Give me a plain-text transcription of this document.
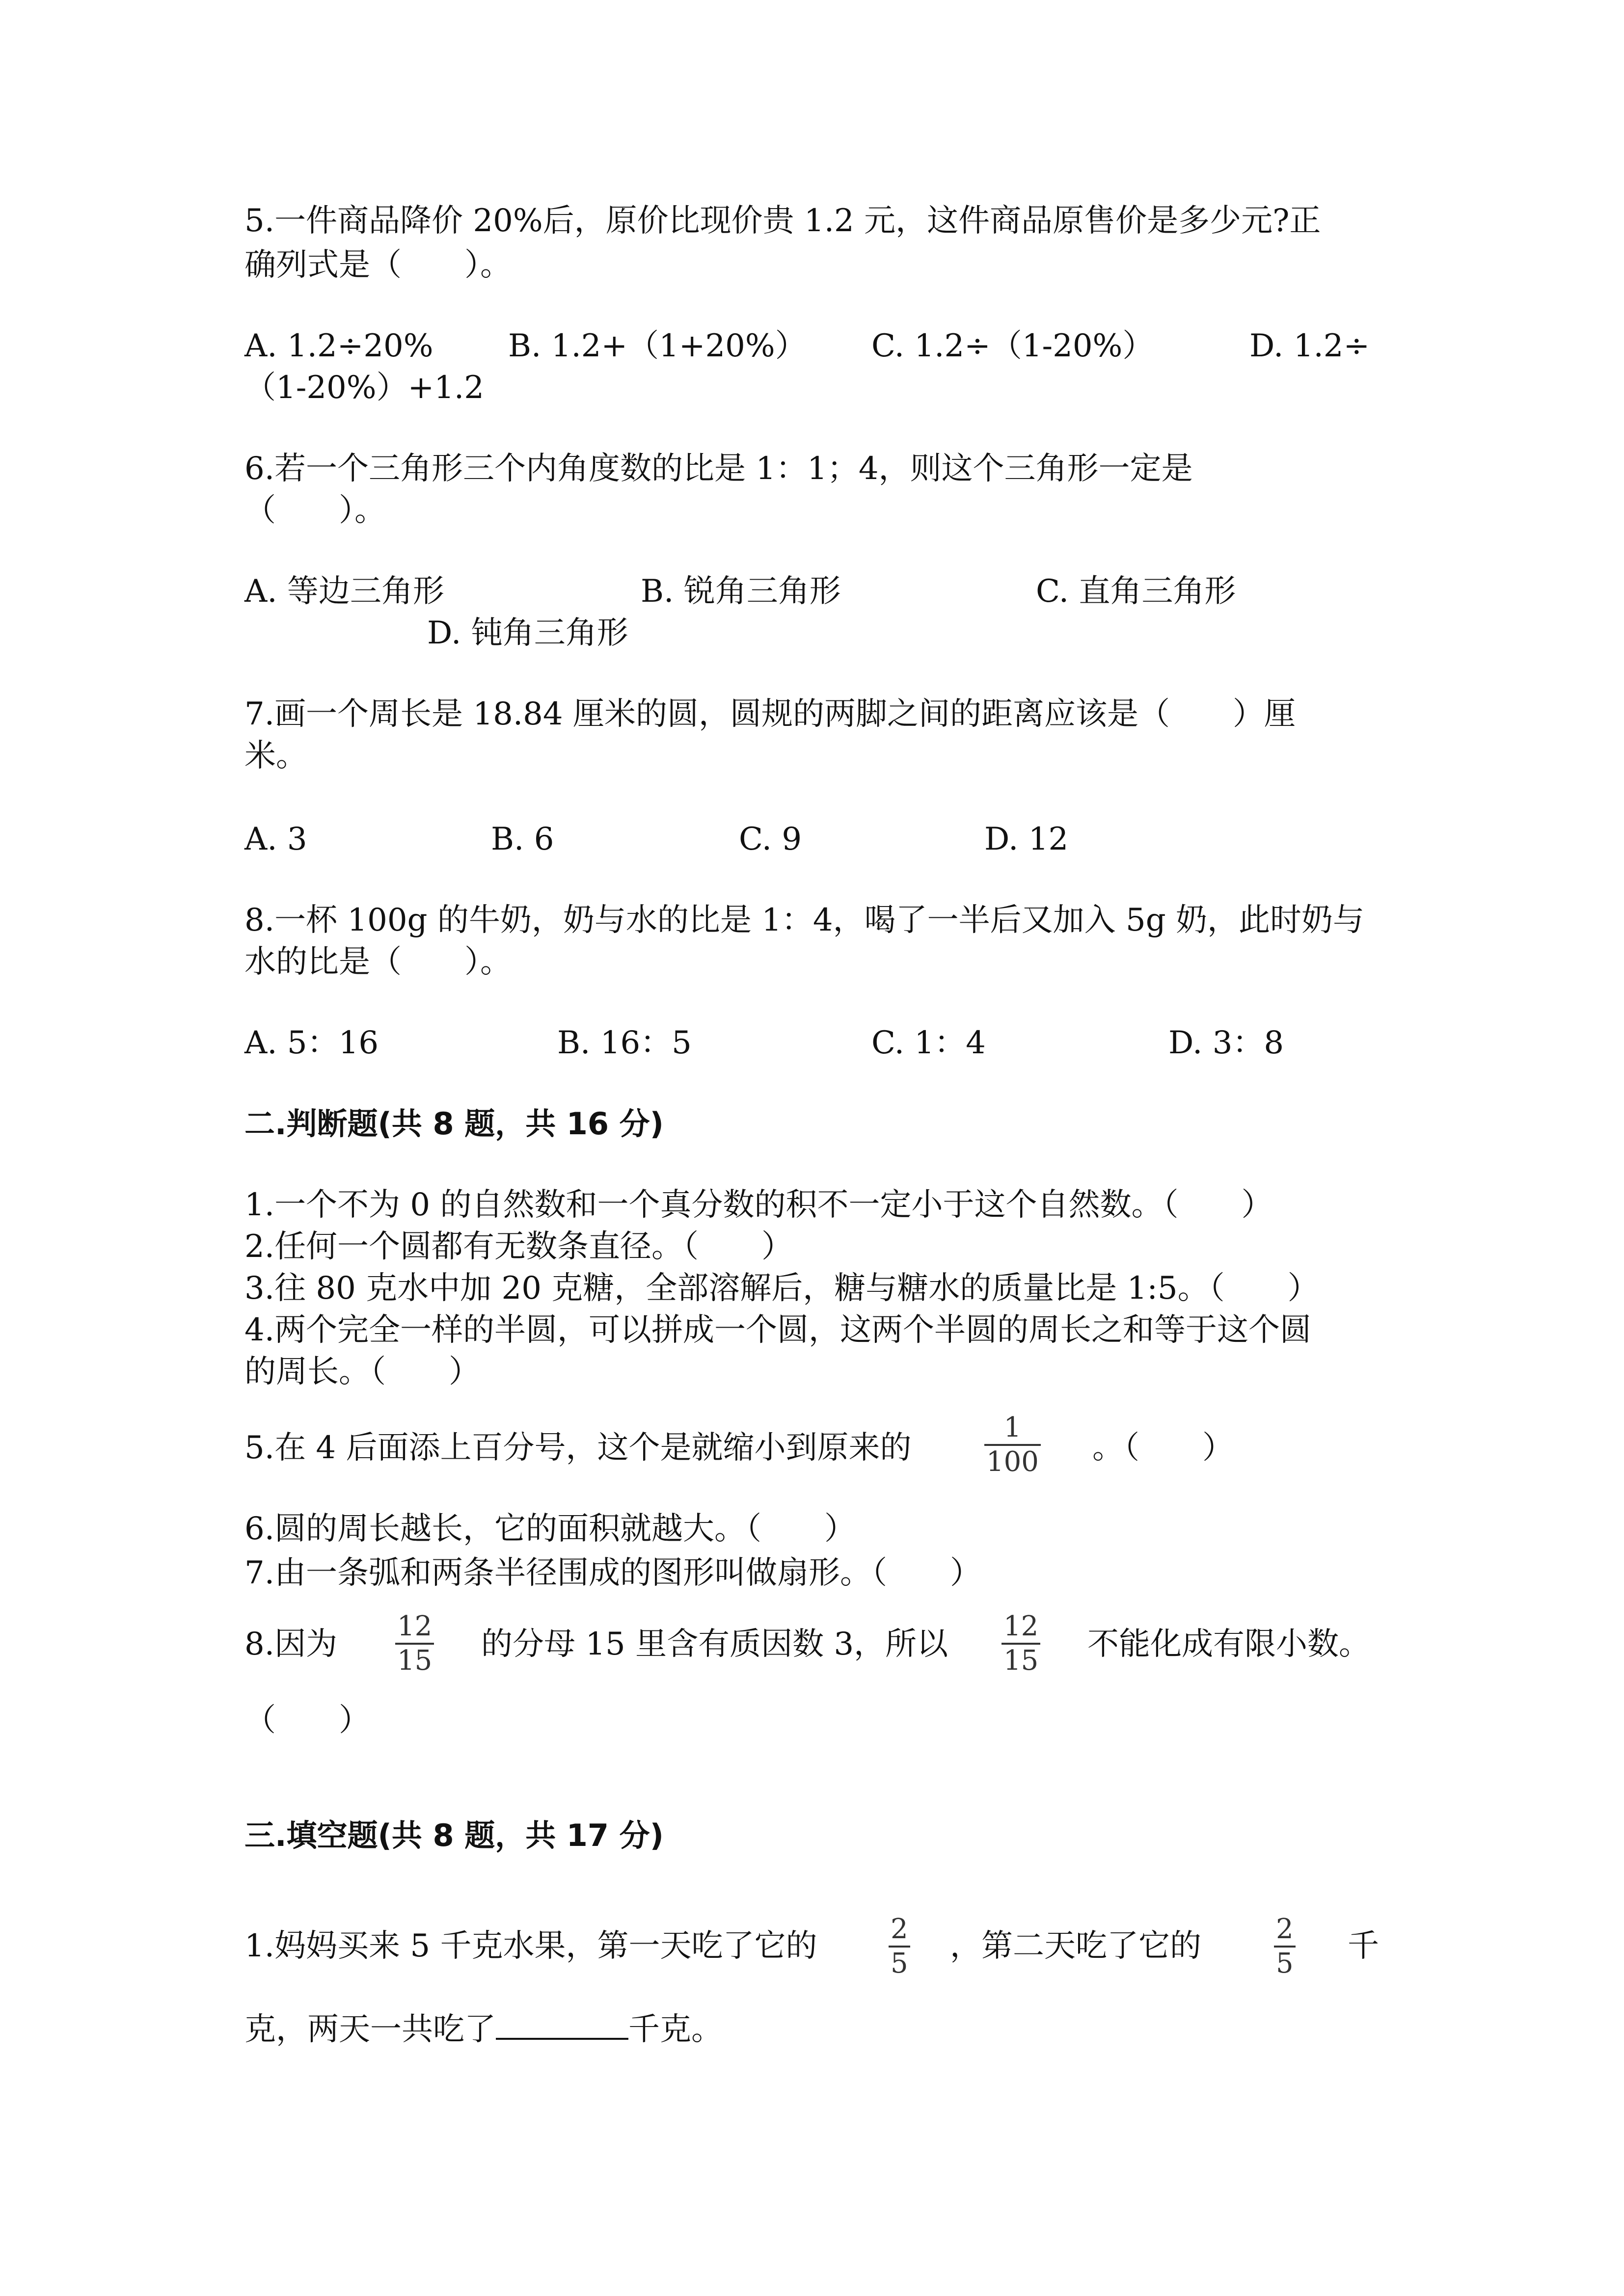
5.一件商品降价 20%后，原价比现价贵 1.2 元，这件商品原售价是多少元?正
确列式是（　　）。
A. 1.2÷20% B. 1.2+（1+20%） C. 1.2÷（1-20%）	D. 1.2÷
（1-20%）+1.2
6.若一个三角形三个内角度数的比是 1：1；4，则这个三角形一定是
（　　）。
A. 等边三角形	B. 锐角三角形	C. 直角三角形
D. 钝角三角形
7.画一个周长是 18.84 厘米的圆，圆规的两脚之间的距离应该是（　　）厘
米。
A. 3	B. 6	C. 9	D. 12
8.一杯 100g 的牛奶，奶与水的比是 1：4，喝了一半后又加入 5g 奶，此时奶与
水的比是（　　）。
A. 5：16	B. 16：5	C. 1：4	D. 3：8
二.判断题(共 8 题，共 16 分)
1.一个不为 0 的自然数和一个真分数的积不一定小于这个自然数。（　　）
2.任何一个圆都有无数条直径。（　　）
3.往 80 克水中加 20 克糖，全部溶解后，糖与糖水的质量比是 1:5。（　　）
4.两个完全一样的半圆，可以拼成一个圆，这两个半圆的周长之和等于这个圆
的周长。（　　）
5.在 4 后面添上百分号，这个是就缩小到原来的
1
100 。（　　）
6.圆的周长越长，它的面积就越大。（　　）
7.由一条弧和两条半径围成的图形叫做扇形。（　　）
8.因为 12
15 的分母 15 里含有质因数 3，所以 12
15 不能化成有限小数。
（　　）
三.填空题(共 8 题，共 17 分)
1.妈妈买来 5 千克水果，第一天吃了它的	2
5 ，第二天吃了它的	2
5 千
克，两天一共吃了	千克。
